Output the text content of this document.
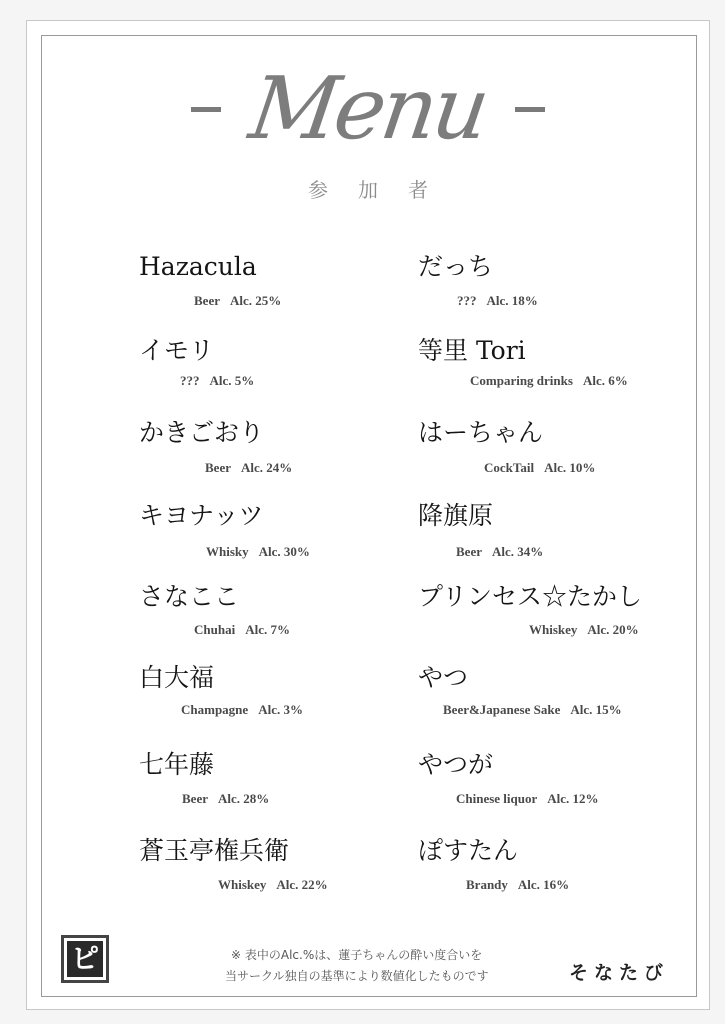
Menu
参加者
Hazacula
Beer Alc. 25%
イモリ
??? Alc. 5%
かきごおり
Beer Alc. 24%
キヨナッツ
Whisky Alc. 30%
さなここ
Chuhai Alc. 7%
白大福
Champagne Alc. 3%
七年藤
Beer Alc. 28%
蒼玉亭権兵衛
Whiskey Alc. 22%
だっち
??? Alc. 18%
等里 Tori
Comparing drinks Alc. 6%
はーちゃん
CockTail Alc. 10%
降旗原
Beer Alc. 34%
プリンセス☆たかし
Whiskey Alc. 20%
やつ
Beer&Japanese Sake Alc. 15%
やつが
Chinese liquor Alc. 12%
ぽすたん
Brandy Alc. 16%
ピ	※ 表中のAlc.%は、蓮子ちゃんの酔い度合いを
当サークル独自の基準により数値化したものです	そなたび
